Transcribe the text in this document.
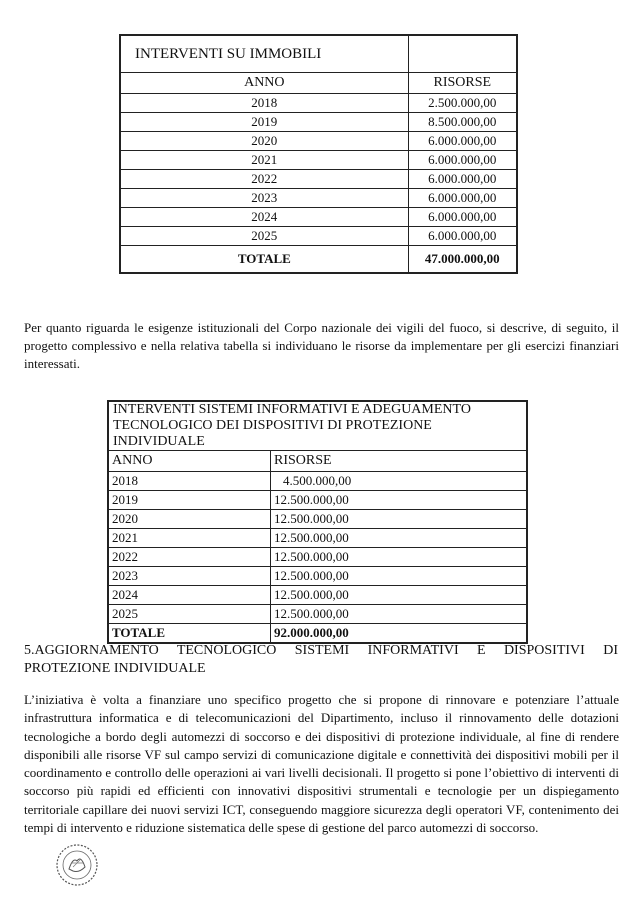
INTERVENTI SU IMMOBILI	
ANNO	RISORSE
2018	2.500.000,00
2019	8.500.000,00
2020	6.000.000,00
2021	6.000.000,00
2022	6.000.000,00
2023	6.000.000,00
2024	6.000.000,00
2025	6.000.000,00
TOTALE	47.000.000,00
Per quanto riguarda le esigenze istituzionali del Corpo nazionale dei vigili del fuoco, si descrive, di seguito, il progetto complessivo e nella relativa tabella si individuano le risorse da implementare per gli esercizi finanziari interessati.
INTERVENTI SISTEMI INFORMATIVI E ADEGUAMENTO TECNOLOGICO DEI DISPOSITIVI DI PROTEZIONE INDIVIDUALE	
ANNO	RISORSE
2018	4.500.000,00
2019	12.500.000,00
2020	12.500.000,00
2021	12.500.000,00
2022	12.500.000,00
2023	12.500.000,00
2024	12.500.000,00
2025	12.500.000,00
TOTALE	92.000.000,00
5.AGGIORNAMENTO TECNOLOGICO SISTEMI INFORMATIVI E DISPOSITIVI DI
PROTEZIONE INDIVIDUALE
L’iniziativa è volta a finanziare uno specifico progetto che si propone di rinnovare e potenziare l’attuale infrastruttura informatica e di telecomunicazioni del Dipartimento, incluso il rinnovamento delle dotazioni tecnologiche a bordo degli automezzi di soccorso e dei dispositivi di protezione individuale, al fine di rendere disponibili alle risorse VF sul campo servizi di comunicazione digitale e connettività dei dispositivi mobili per il coordinamento e controllo delle operazioni ai vari livelli decisionali. Il progetto si pone l’obiettivo di interventi di soccorso più rapidi ed efficienti con innovativi dispositivi strumentali e tecnologie per un dispiegamento territoriale capillare dei nuovi servizi ICT, conseguendo maggiore sicurezza degli operatori VF, contenimento dei tempi di intervento e riduzione sistematica delle spese di gestione del parco automezzi di soccorso.
